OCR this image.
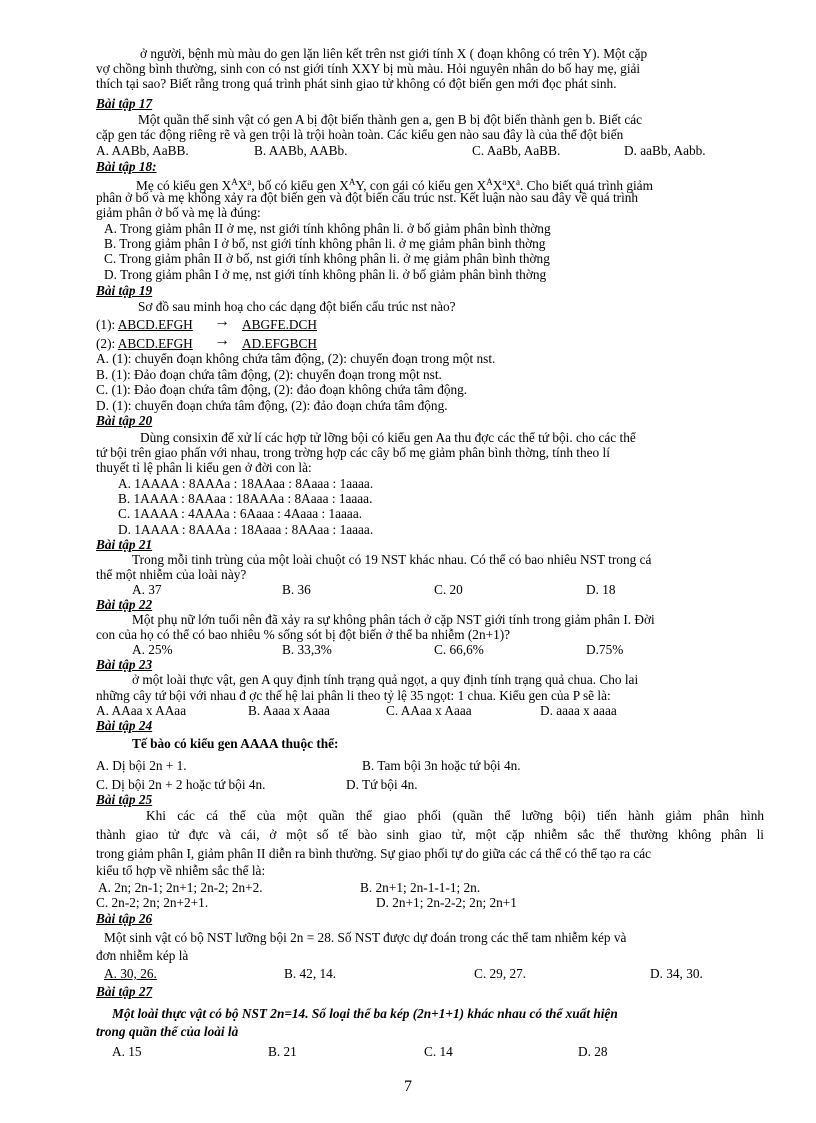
ở người, bệnh mù màu do gen lặn liên kết trên nst giới tính X ( đoạn không có trên Y). Một cặp
vợ chồng bình thường, sinh con có nst giới tính XXY bị mù màu. Hỏi nguyên nhân do bố hay mẹ, giải
thích tại sao? Biết rằng trong quá trình phát sinh giao tử không có đột biến gen mới đọc phát sinh.
Bài tập 17
Một quần thể sinh vật có gen A bị đột biến thành gen a, gen B bị đột biến thành gen b. Biết các
cặp gen tác động riêng rẽ và gen trội là trội hoàn toàn. Các kiểu gen nào sau đây là của thể đột biến
A. AABb, AaBB.	B. AABb, AABb.	C. AaBb, AaBB.	D. aaBb, Aabb.
Bài tập 18:
Mẹ có kiểu gen $X^AX^a$, bố có kiểu gen $X^AY$, con gái có kiểu gen $X^AX^aX^a$. Cho biết quá trình giảm
phân ở bố và mẹ không xảy ra đột biến gen và đột biến cấu trúc nst. Kết luận nào sau đây về quá trình
giảm phân ở bố và mẹ là đúng:
A. Trong giảm phân II ở mẹ, nst giới tính không phân li. ở bố giảm phân bình thờng
B. Trong giảm phân I ở bố, nst giới tính không phân li. ở mẹ giảm phân bình thờng
C. Trong giảm phân II ở bố, nst giới tính không phân li. ở mẹ giảm phân bình thờng
D. Trong giảm phân I ở mẹ, nst giới tính không phân li. ở bố giảm phân bình thờng
Bài tập 19
Sơ đồ sau minh hoạ cho các dạng đột biến cấu trúc nst nào?
(1): ABCD.EFGH → ABGFE.DCH
(2): ABCD.EFGH → AD.EFGBCH
A. (1): chuyển đoạn không chứa tâm động, (2): chuyển đoạn trong một nst.
B. (1): Đảo đoạn chứa tâm động, (2): chuyển đoạn trong một nst.
C. (1): Đảo đoạn chứa tâm động, (2): đảo đoạn không chứa tâm động.
D. (1): chuyển đoạn chứa tâm động, (2): đảo đoạn chứa tâm động.
Bài tập 20
Dùng consixin để xử lí các hợp tử lỡng bội có kiểu gen Aa thu đợc các thể tứ bội. cho các thể
tứ bội trên giao phấn với nhau, trong trờng hợp các cây bố mẹ giảm phân bình thờng, tính theo lí
thuyết tỉ lệ phân li kiểu gen ở đời con là:
A. 1AAAA : 8AAAa : 18AAaa : 8Aaaa : 1aaaa.
B. 1AAAA : 8AAaa : 18AAAa : 8Aaaa : 1aaaa.
C. 1AAAA : 4AAAa : 6Aaaa : 4Aaaa : 1aaaa.
D. 1AAAA : 8AAAa : 18Aaaa : 8AAaa : 1aaaa.
Bài tập 21
Trong mỗi tinh trùng của một loài chuột có 19 NST khác nhau. Có thể có bao nhiêu NST trong cá
thể một nhiễm của loài này?
A. 37	B. 36	C. 20	D. 18
Bài tập 22
Một phụ nữ lớn tuổi nên đã xảy ra sự không phân tách ở cặp NST giới tính trong giảm phân I. Đời
con của họ có thể có bao nhiêu % sống sót bị đột biến ở thể ba nhiễm (2n+1)?
A. 25%	B. 33,3%	C. 66,6%	D.75%
Bài tập 23
ở một loài thực vật, gen A quy định tính trạng quả ngọt, a quy định tính trạng quả chua. Cho lai
những cây tứ bội với nhau đ ợc thế hệ lai phân li theo tỷ lệ 35 ngọt: 1 chua. Kiểu gen của P sẽ là:
A. AAaa x AAaa	B. Aaaa x Aaaa	C. AAaa x Aaaa	D. aaaa x aaaa
Bài tập 24
Tế bào có kiểu gen AAAA thuộc thể:
A. Dị bội 2n + 1.	B. Tam bội 3n hoặc tứ bội 4n.
C. Dị bội 2n + 2 hoặc tứ bội 4n.	D. Tứ bội 4n.
Bài tập 25
Khi các cá thể của một quần thể giao phối (quần thể lưỡng bội) tiến hành giảm phân hình
thành giao tử đực và cái, ở một số tế bào sinh giao tử, một cặp nhiễm sắc thể thường không phân li
trong giảm phân I, giảm phân II diễn ra bình thường. Sự giao phối tự do giữa các cá thể có thể tạo ra các
kiểu tổ hợp về nhiễm sắc thể là:
A. 2n; 2n-1; 2n+1; 2n-2; 2n+2.	B. 2n+1; 2n-1-1-1; 2n.
C. 2n-2; 2n; 2n+2+1.	D. 2n+1; 2n-2-2; 2n; 2n+1
Bài tập 26
Một sinh vật có bộ NST lưỡng bội 2n = 28. Số NST được dự đoán trong các thể tam nhiễm kép và
đơn nhiễm kép là
A. 30, 26.	B. 42, 14.	C. 29, 27.	D. 34, 30.
Bài tập 27
Một loài thực vật có bộ NST 2n=14. Số loại thể ba kép (2n+1+1) khác nhau có thể xuất hiện
trong quần thể của loài là
A. 15	B. 21	C. 14	D. 28
7
